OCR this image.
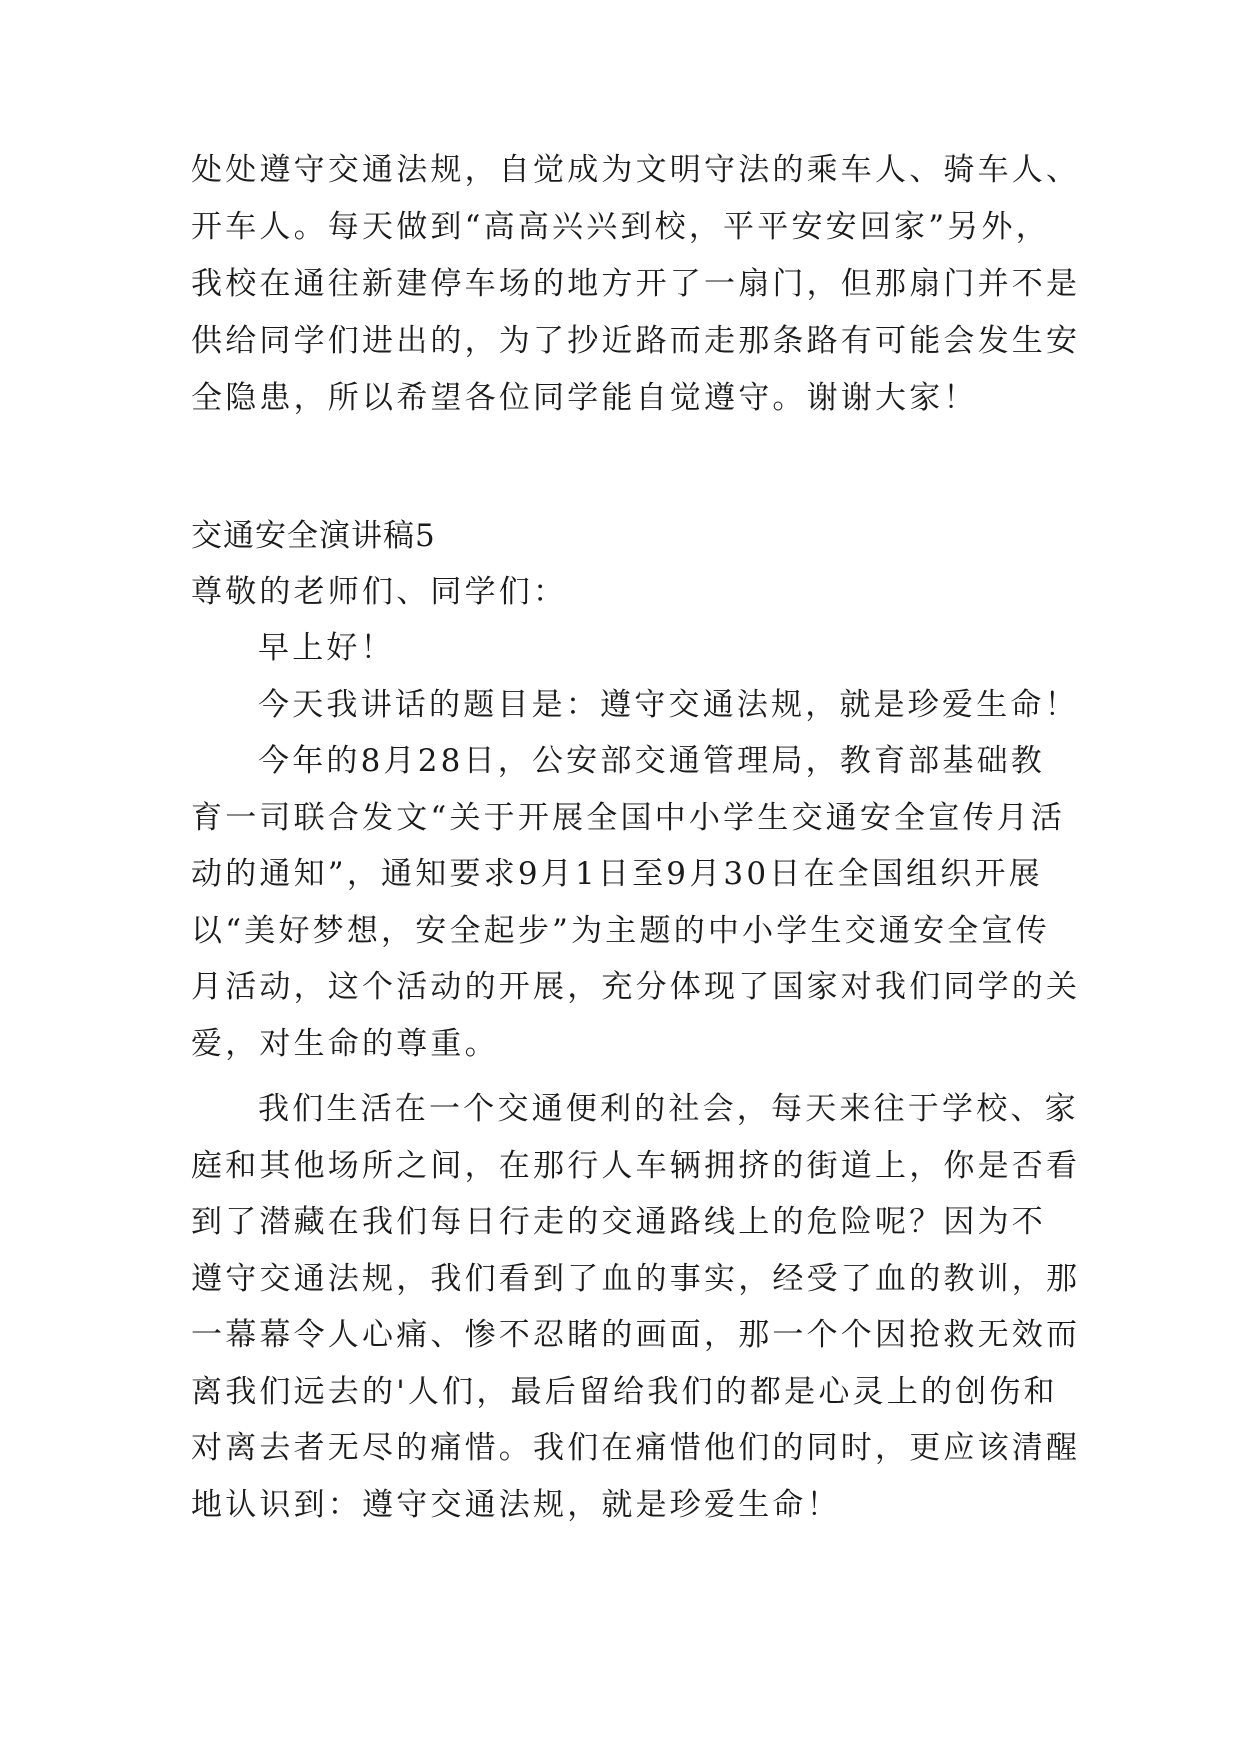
处处遵守交通法规，自觉成为文明守法的乘车人、骑车人、
开车人。每天做到“高高兴兴到校，平平安安回家”另外，
我校在通往新建停车场的地方开了一扇门，但那扇门并不是
供给同学们进出的，为了抄近路而走那条路有可能会发生安
全隐患，所以希望各位同学能自觉遵守。谢谢大家！
交通安全演讲稿5
尊敬的老师们、同学们：
早上好！
今天我讲话的题目是：遵守交通法规，就是珍爱生命！
今年的8月28日，公安部交通管理局，教育部基础教
育一司联合发文“关于开展全国中小学生交通安全宣传月活
动的通知”，通知要求9月1日至9月30日在全国组织开展
以“美好梦想，安全起步”为主题的中小学生交通安全宣传
月活动，这个活动的开展，充分体现了国家对我们同学的关
爱，对生命的尊重。
我们生活在一个交通便利的社会，每天来往于学校、家
庭和其他场所之间，在那行人车辆拥挤的街道上，你是否看
到了潜藏在我们每日行走的交通路线上的危险呢？因为不
遵守交通法规，我们看到了血的事实，经受了血的教训，那
一幕幕令人心痛、惨不忍睹的画面，那一个个因抢救无效而
离我们远去的'人们，最后留给我们的都是心灵上的创伤和
对离去者无尽的痛惜。我们在痛惜他们的同时，更应该清醒
地认识到：遵守交通法规，就是珍爱生命！
